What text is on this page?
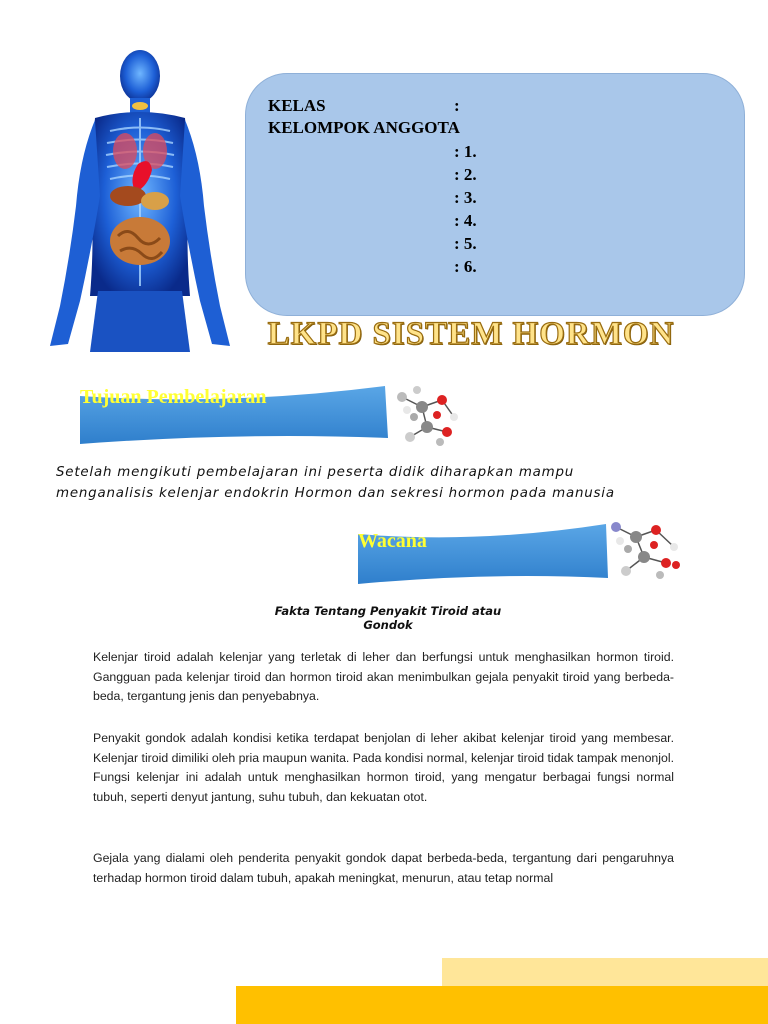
KELAS	:
KELOMPOK ANGGOTA
: 1.
: 2.
: 3.
: 4.
: 5.
: 6.
LKPD SISTEM HORMON
Tujuan Pembelajaran

Setelah mengikuti pembelajaran ini peserta didik diharapkan mampu

menganalisis kelenjar endokrin Hormon dan sekresi hormon pada manusia

Wacana
Fakta Tentang Penyakit Tiroid atau
Gondok

Kelenjar tiroid adalah kelenjar yang terletak di leher dan berfungsi untuk menghasilkan hormon tiroid. Gangguan pada kelenjar tiroid dan hormon tiroid akan menimbulkan gejala penyakit tiroid yang berbeda-beda, tergantung jenis dan penyebabnya.

Penyakit gondok adalah kondisi ketika terdapat benjolan di leher akibat kelenjar tiroid yang membesar. Kelenjar tiroid dimiliki oleh pria maupun wanita. Pada kondisi normal, kelenjar tiroid tidak tampak menonjol. Fungsi kelenjar ini adalah untuk menghasilkan hormon tiroid, yang mengatur berbagai fungsi normal tubuh, seperti denyut jantung, suhu tubuh, dan kekuatan otot.

Gejala yang dialami oleh penderita penyakit gondok dapat berbeda-beda, tergantung dari pengaruhnya terhadap hormon tiroid dalam tubuh, apakah meningkat, menurun, atau tetap normal
